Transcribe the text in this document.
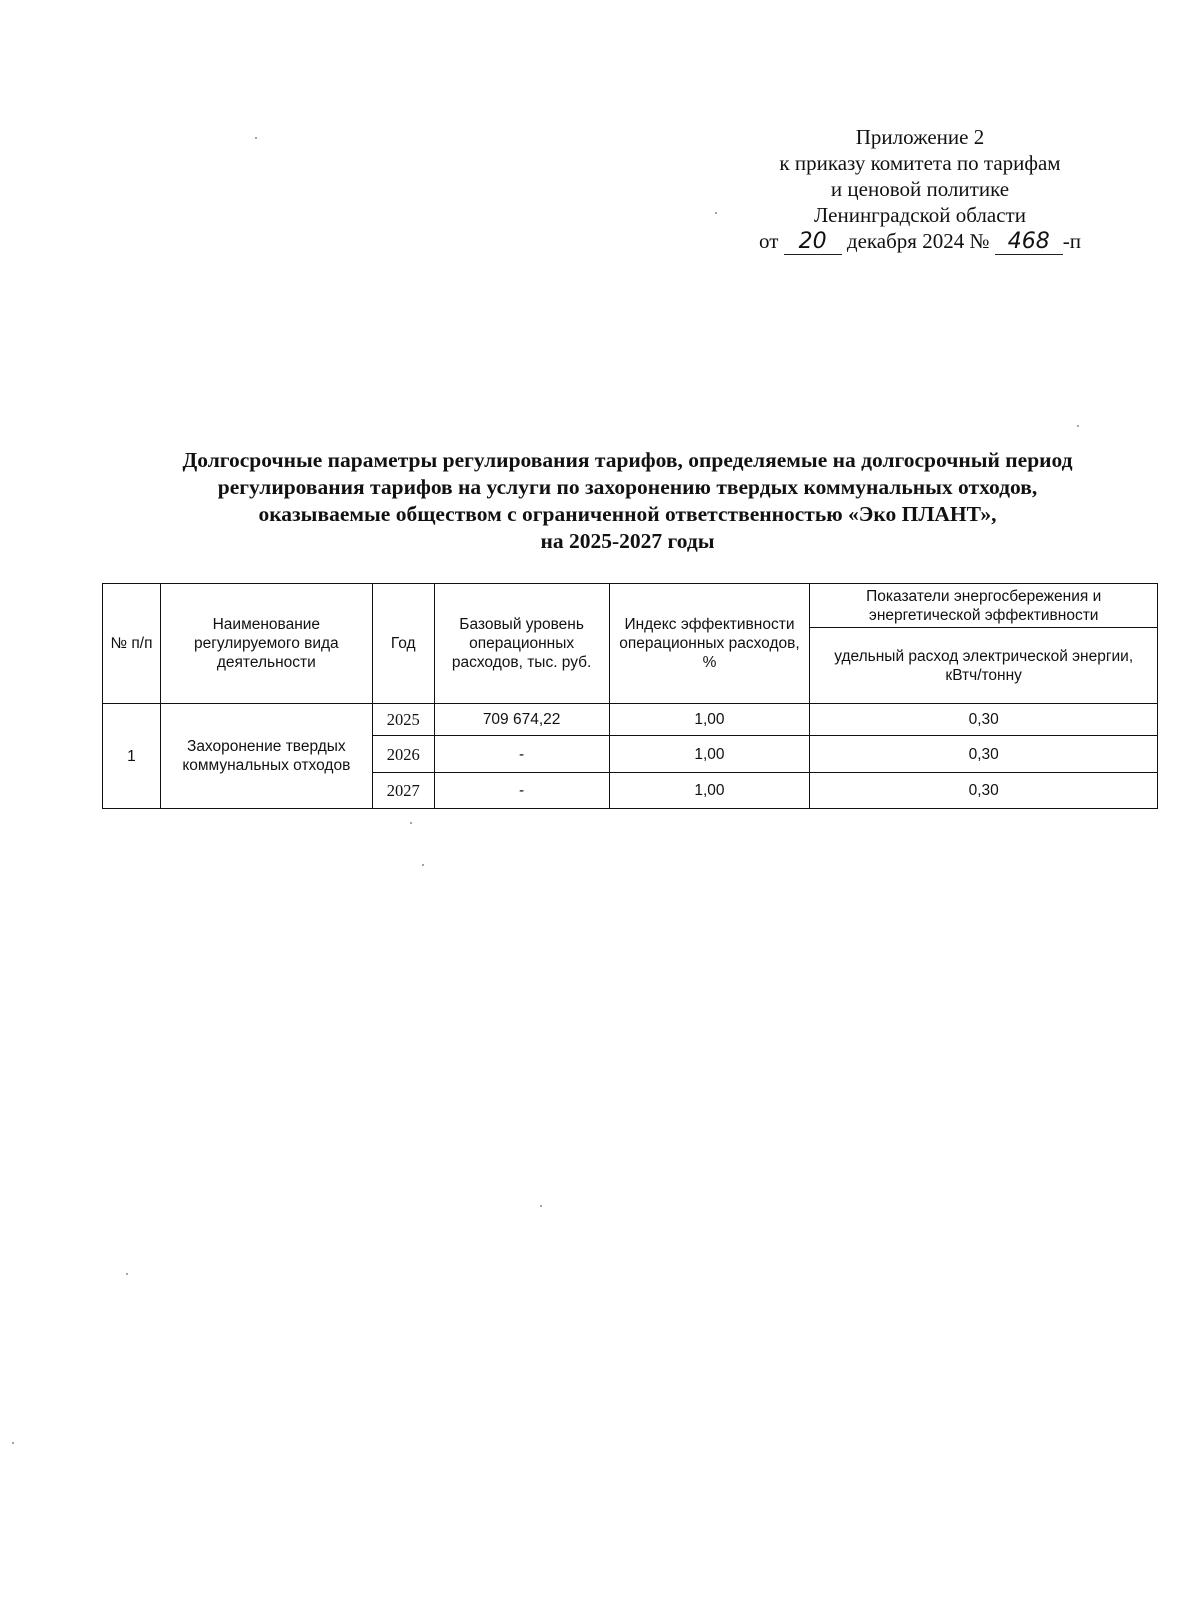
Приложение 2
к приказу комитета по тарифам
и ценовой политике
Ленинградской области
от 20 декабря 2024 № 468 -п
Долгосрочные параметры регулирования тарифов, определяемые на долгосрочный период
регулирования тарифов на услуги по захоронению твердых коммунальных отходов,
оказываемые обществом с ограниченной ответственностью «Эко ПЛАНТ»,
на 2025-2027 годы
№ п/п	Наименование регулируемого вида деятельности	Год	Базовый уровень операционных расходов, тыс. руб.	Индекс эффективности операционных расходов, %	Показатели энергосбережения и энергетической эффективности
					удельный расход электрической энергии, кВтч/тонну
1	Захоронение твердых коммунальных отходов	2025	709 674,22	1,00	0,30
		2026	-	1,00	0,30
		2027	-	1,00	0,30
